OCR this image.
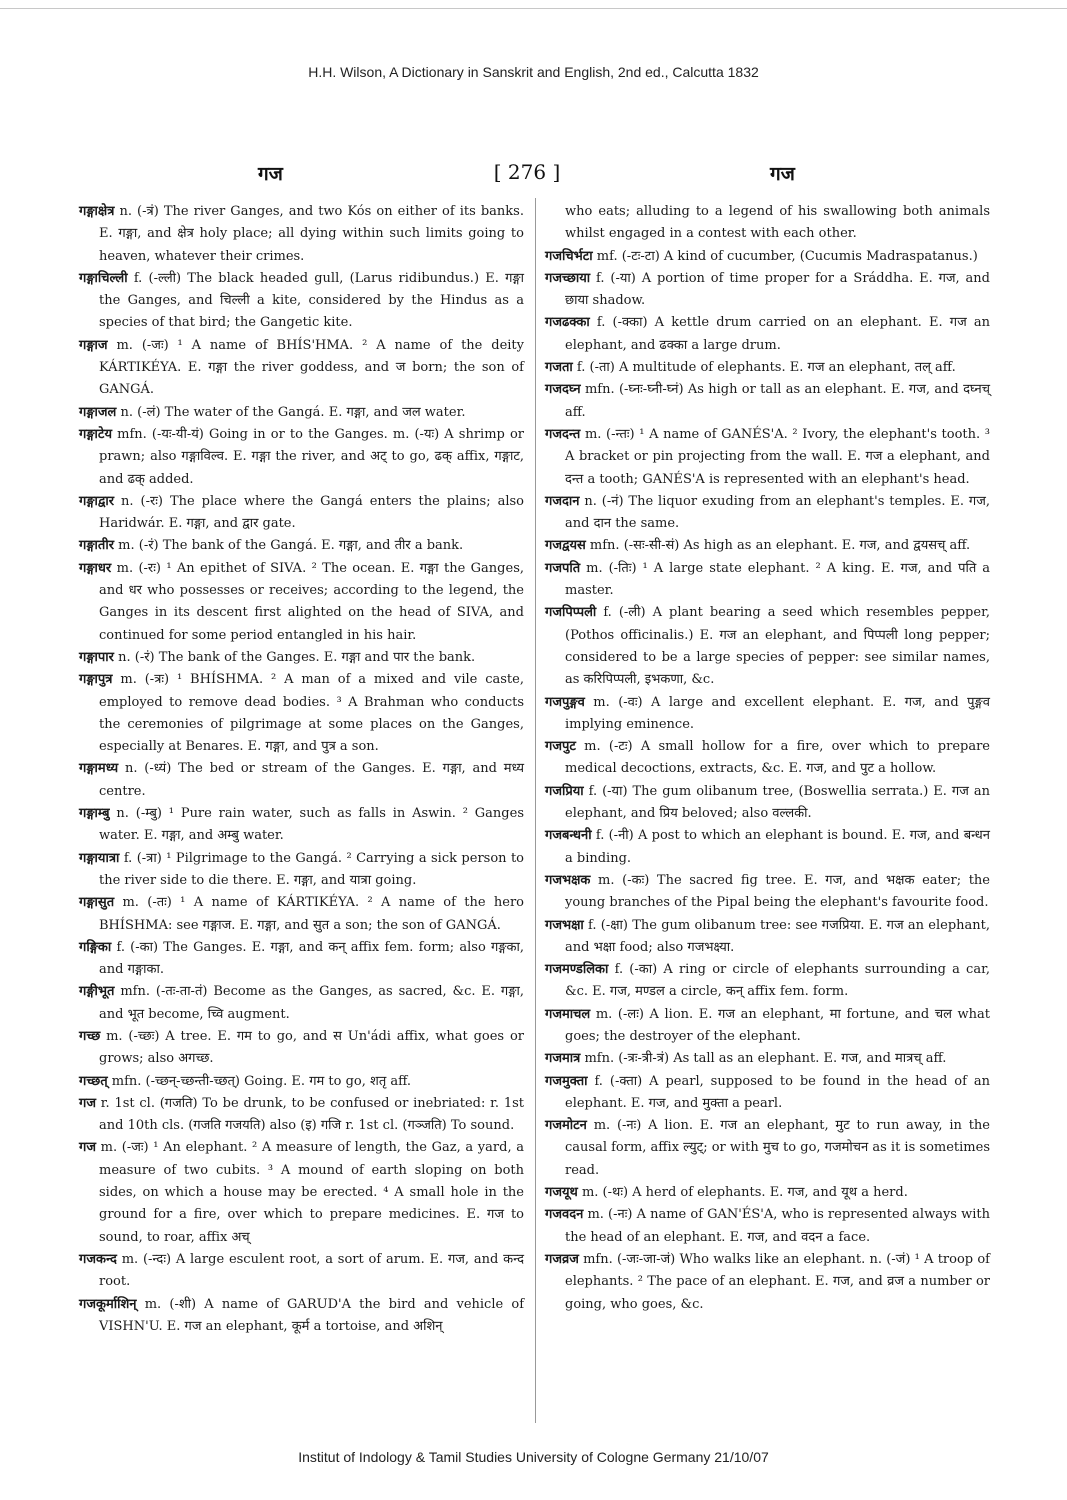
H.H. Wilson, A Dictionary in Sanskrit and English, 2nd ed., Calcutta 1832
गज	[ 276 ]	गज
गङ्गाक्षेत्र n. (-त्रं) The river Ganges, and two Kós on either of its banks. E. गङ्गा, and क्षेत्र holy place; all dying within such limits going to heaven, whatever their crimes.
गङ्गाचिल्ली f. (-ल्ली) The black headed gull, (Larus ridibundus.) E. गङ्गा the Ganges, and चिल्ली a kite, considered by the Hindus as a species of that bird; the Gangetic kite.
गङ्गाज m. (-जः) ¹ A name of BHÍS'HMA. ² A name of the deity KÁRTIKÉYA. E. गङ्गा the river goddess, and ज born; the son of GANGÁ.
गङ्गाजल n. (-लं) The water of the Gangá. E. गङ्गा, and जल water.
गङ्गाटेय mfn. (-यः-यी-यं) Going in or to the Ganges. m. (-यः) A shrimp or prawn; also गङ्गाविल्व. E. गङ्गा the river, and अट् to go, ढक् affix, गङ्गाट, and ढक् added.
गङ्गाद्वार n. (-रः) The place where the Gangá enters the plains; also Haridwár. E. गङ्गा, and द्वार gate.
गङ्गातीर m. (-रं) The bank of the Gangá. E. गङ्गा, and तीर a bank.
गङ्गाधर m. (-रः) ¹ An epithet of SIVA. ² The ocean. E. गङ्गा the Ganges, and धर who possesses or receives; according to the legend, the Ganges in its descent first alighted on the head of SIVA, and continued for some period entangled in his hair.
गङ्गापार n. (-रं) The bank of the Ganges. E. गङ्गा and पार the bank.
गङ्गापुत्र m. (-त्रः) ¹ BHÍSHMA. ² A man of a mixed and vile caste, employed to remove dead bodies. ³ A Brahman who conducts the ceremonies of pilgrimage at some places on the Ganges, especially at Benares. E. गङ्गा, and पुत्र a son.
गङ्गामध्य n. (-ध्यं) The bed or stream of the Ganges. E. गङ्गा, and मध्य centre.
गङ्गाम्बु n. (-म्बु) ¹ Pure rain water, such as falls in Aswin. ² Ganges water. E. गङ्गा, and अम्बु water.
गङ्गायात्रा f. (-त्रा) ¹ Pilgrimage to the Gangá. ² Carrying a sick person to the river side to die there. E. गङ्गा, and यात्रा going.
गङ्गासुत m. (-तः) ¹ A name of KÁRTIKÉYA. ² A name of the hero BHÍSHMA: see गङ्गाज. E. गङ्गा, and सुत a son; the son of GANGÁ.
गङ्गिका f. (-का) The Ganges. E. गङ्गा, and कन् affix fem. form; also गङ्गका, and गङ्गाका.
गङ्गीभूत mfn. (-तः-ता-तं) Become as the Ganges, as sacred, &c. E. गङ्गा, and भूत become, च्वि augment.
गच्छ m. (-च्छः) A tree. E. गम to go, and स Un'ádi affix, what goes or grows; also अगच्छ.
गच्छत् mfn. (-च्छन्-च्छन्ती-च्छत्) Going. E. गम to go, शतृ aff.
गज r. 1st cl. (गजति) To be drunk, to be confused or inebriated: r. 1st and 10th cls. (गजति गजयति) also (इ) गजि r. 1st cl. (गञ्जति) To sound.
गज m. (-जः) ¹ An elephant. ² A measure of length, the Gaz, a yard, a measure of two cubits. ³ A mound of earth sloping on both sides, on which a house may be erected. ⁴ A small hole in the ground for a fire, over which to prepare medicines. E. गज to sound, to roar, affix अच्
गजकन्द m. (-न्दः) A large esculent root, a sort of arum. E. गज, and कन्द root.
गजकूर्माशिन् m. (-शी) A name of GARUD'A the bird and vehicle of VISHN'U. E. गज an elephant, कूर्म a tortoise, and अशिन्
who eats; alluding to a legend of his swallowing both animals whilst engaged in a contest with each other.
गजचिर्भटा mf. (-टः-टा) A kind of cucumber, (Cucumis Madraspatanus.)
गजच्छाया f. (-या) A portion of time proper for a Sráddha. E. गज, and छाया shadow.
गजढक्का f. (-क्का) A kettle drum carried on an elephant. E. गज an elephant, and ढक्का a large drum.
गजता f. (-ता) A multitude of elephants. E. गज an elephant, तल् aff.
गजदघ्न mfn. (-घ्नः-घ्नी-घ्नं) As high or tall as an elephant. E. गज, and दघ्नच् aff.
गजदन्त m. (-न्तः) ¹ A name of GANÉS'A. ² Ivory, the elephant's tooth. ³ A bracket or pin projecting from the wall. E. गज a elephant, and दन्त a tooth; GANÉS'A is represented with an elephant's head.
गजदान n. (-नं) The liquor exuding from an elephant's temples. E. गज, and दान the same.
गजद्वयस mfn. (-सः-सी-सं) As high as an elephant. E. गज, and द्वयसच् aff.
गजपति m. (-तिः) ¹ A large state elephant. ² A king. E. गज, and पति a master.
गजपिप्पली f. (-ली) A plant bearing a seed which resembles pepper, (Pothos officinalis.) E. गज an elephant, and पिप्पली long pepper; considered to be a large species of pepper: see similar names, as करिपिप्पली, इभकणा, &c.
गजपुङ्गव m. (-वः) A large and excellent elephant. E. गज, and पुङ्गव implying eminence.
गजपुट m. (-टः) A small hollow for a fire, over which to prepare medical decoctions, extracts, &c. E. गज, and पुट a hollow.
गजप्रिया f. (-या) The gum olibanum tree, (Boswellia serrata.) E. गज an elephant, and प्रिय beloved; also वल्लकी.
गजबन्धनी f. (-नी) A post to which an elephant is bound. E. गज, and बन्धन a binding.
गजभक्षक m. (-कः) The sacred fig tree. E. गज, and भक्षक eater; the young branches of the Pipal being the elephant's favourite food.
गजभक्षा f. (-क्षा) The gum olibanum tree: see गजप्रिया. E. गज an elephant, and भक्षा food; also गजभक्ष्या.
गजमण्डलिका f. (-का) A ring or circle of elephants surrounding a car, &c. E. गज, मण्डल a circle, कन् affix fem. form.
गजमाचल m. (-लः) A lion. E. गज an elephant, मा fortune, and चल what goes; the destroyer of the elephant.
गजमात्र mfn. (-त्रः-त्री-त्रं) As tall as an elephant. E. गज, and मात्रच् aff.
गजमुक्ता f. (-क्ता) A pearl, supposed to be found in the head of an elephant. E. गज, and मुक्ता a pearl.
गजमोटन m. (-नः) A lion. E. गज an elephant, मुट to run away, in the causal form, affix ल्युट्; or with मुच to go, गजमोचन as it is sometimes read.
गजयूथ m. (-थः) A herd of elephants. E. गज, and यूथ a herd.
गजवदन m. (-नः) A name of GAN'ÉS'A, who is represented always with the head of an elephant. E. गज, and वदन a face.
गजव्रज mfn. (-जः-जा-जं) Who walks like an elephant. n. (-जं) ¹ A troop of elephants. ² The pace of an elephant. E. गज, and व्रज a number or going, who goes, &c.
Institut of Indology & Tamil Studies University of Cologne Germany 21/10/07
